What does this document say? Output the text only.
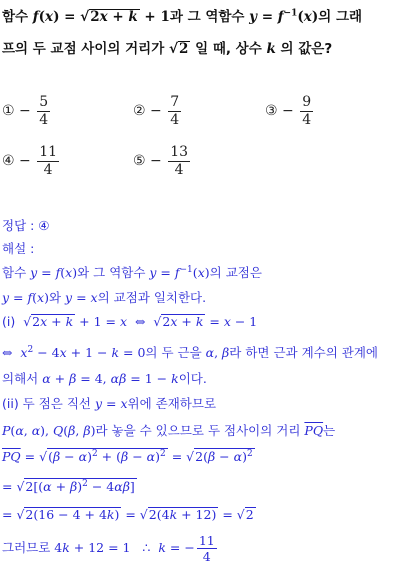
함수 f(x) = √2x + k + 1과 그 역함수 $y = f^{-1}(x)$의 그래
프의 두 교점 사이의 거리가 √2 일 때, 상수 k 의 값은?
① − $\frac{5}{4}$	② − $\frac{7}{4}$	③ − $\frac{9}{4}$
④ − $\frac{11}{4}$	⑤ − $\frac{13}{4}$
정답 : ④
해설 :
함수 y = f(x)와 그 역함수 $y = f^{-1}(x)$의 교점은
y = f(x)와 y = x의 교점과 일치한다.
(i) √2x + k + 1 = x  ⇔  √2x + k = x − 1
⇔  $x^2 - 4x + 1 - k = 0$의 두 근을 α, β라 하면 근과 계수의 관계에
의해서 α + β = 4, αβ = 1 − k이다.
(ii) 두 점은 직선 y = x위에 존재하므로
P(α, α), Q(β, β)라 놓을 수 있으므로 두 점사이의 거리 $\overline{PQ}$는
$\overline{PQ} = √(\beta - \alpha)^2 + (\beta - \alpha)^2 = √2(\beta - \alpha)^2$
= $√2[(\alpha + \beta)^2 - 4\alpha\beta]$
= √2(16 − 4 + 4k) = √2(4k + 12) = √2
그러므로 4k + 12 = 1   ∴  k = − $\frac{11}{4}$
